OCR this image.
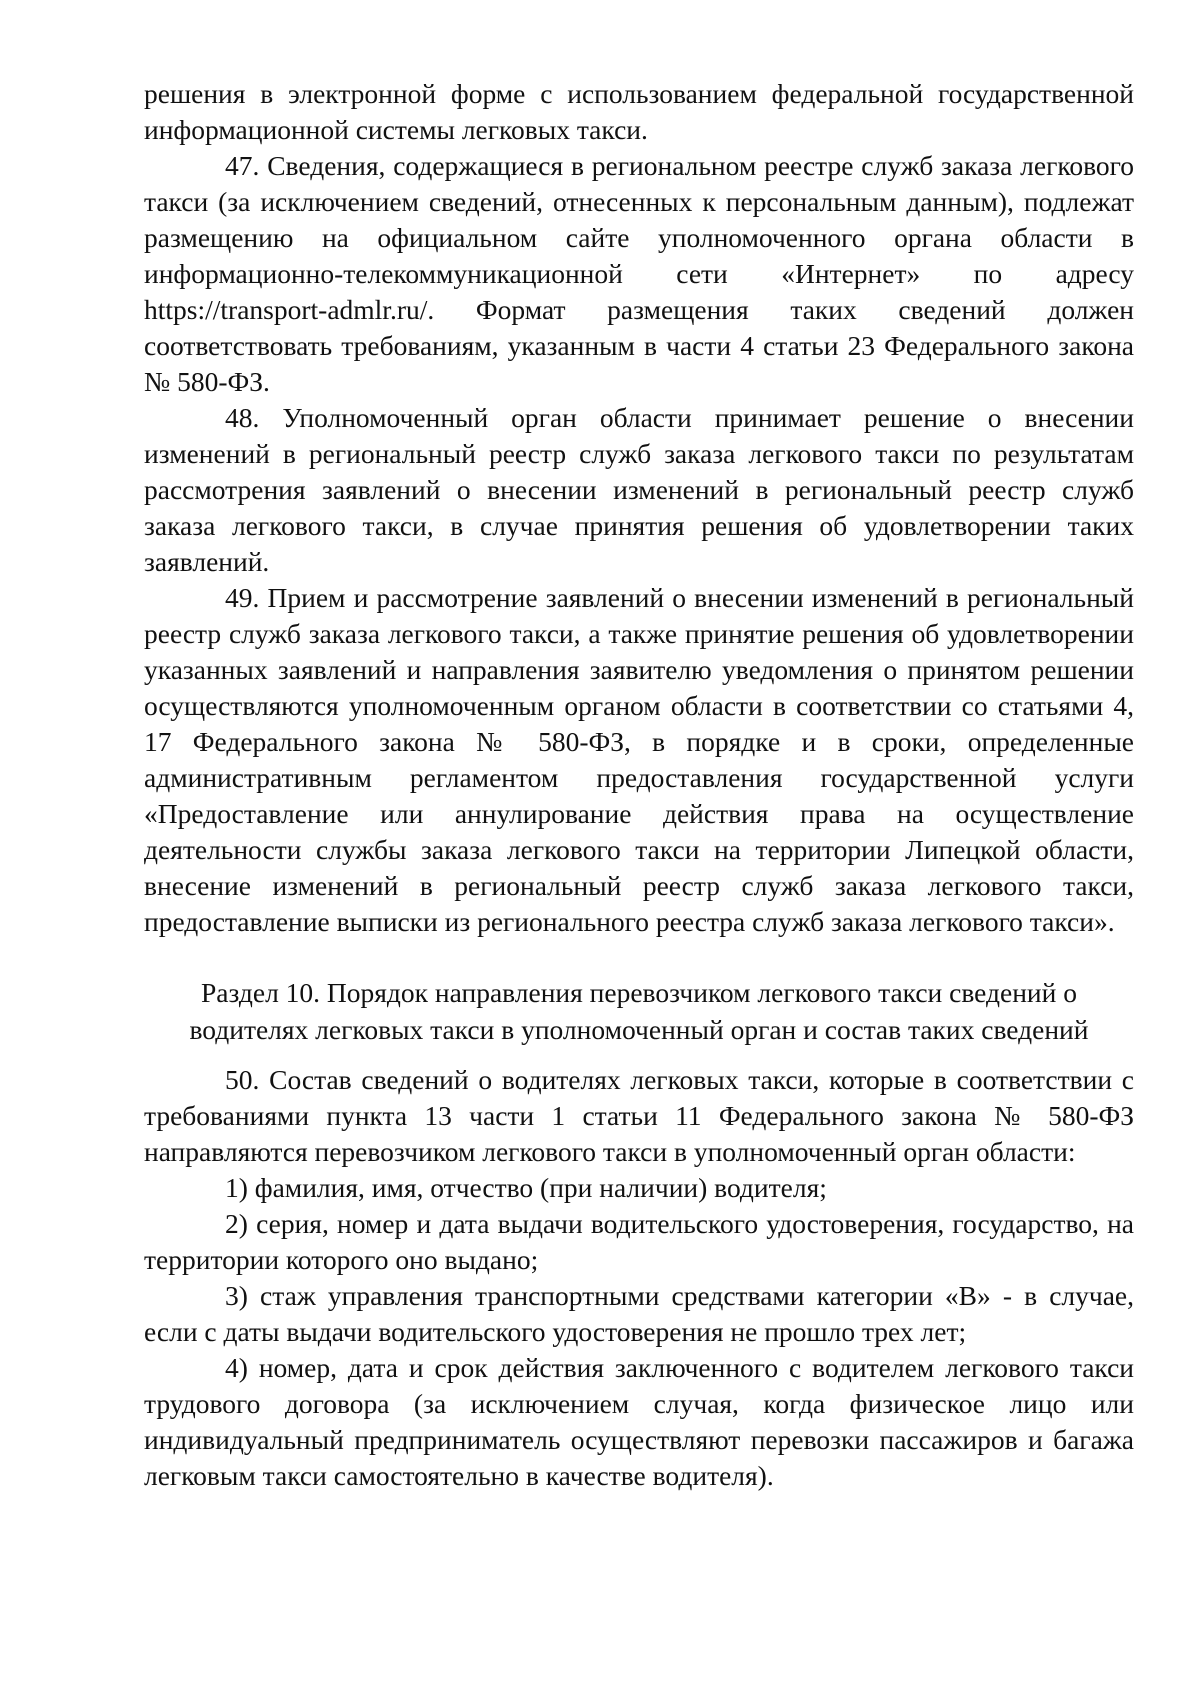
решения в электронной форме с использованием федеральной государственной информационной системы легковых такси.

47. Сведения, содержащиеся в региональном реестре служб заказа легкового такси (за исключением сведений, отнесенных к персональным данным), подлежат размещению на официальном сайте уполномоченного органа области в информационно-телекоммуникационной сети «Интернет» по адресу https://transport-admlr.ru/. Формат размещения таких сведений должен соответствовать требованиям, указанным в части 4 статьи 23 Федерального закона № 580-ФЗ.

48. Уполномоченный орган области принимает решение о внесении изменений в региональный реестр служб заказа легкового такси по результатам рассмотрения заявлений о внесении изменений в региональный реестр служб заказа легкового такси, в случае принятия решения об удовлетворении таких заявлений.

49. Прием и рассмотрение заявлений о внесении изменений в региональный реестр служб заказа легкового такси, а также принятие решения об удовлетворении указанных заявлений и направления заявителю уведомления о принятом решении осуществляются уполномоченным органом области в соответствии со статьями 4, 17 Федерального закона № 580-ФЗ, в порядке и в сроки, определенные административным регламентом предоставления государственной услуги «Предоставление или аннулирование действия права на осуществление деятельности службы заказа легкового такси на территории Липецкой области, внесение изменений в региональный реестр служб заказа легкового такси, предоставление выписки из регионального реестра служб заказа легкового такси».

Раздел 10. Порядок направления перевозчиком легкового такси сведений о водителях легковых такси в уполномоченный орган и состав таких сведений

50. Состав сведений о водителях легковых такси, которые в соответствии с требованиями пункта 13 части 1 статьи 11 Федерального закона № 580-ФЗ направляются перевозчиком легкового такси в уполномоченный орган области:

1) фамилия, имя, отчество (при наличии) водителя;

2) серия, номер и дата выдачи водительского удостоверения, государство, на территории которого оно выдано;

3) стаж управления транспортными средствами категории «B» - в случае, если с даты выдачи водительского удостоверения не прошло трех лет;

4) номер, дата и срок действия заключенного с водителем легкового такси трудового договора (за исключением случая, когда физическое лицо или индивидуальный предприниматель осуществляют перевозки пассажиров и багажа легковым такси самостоятельно в качестве водителя).
